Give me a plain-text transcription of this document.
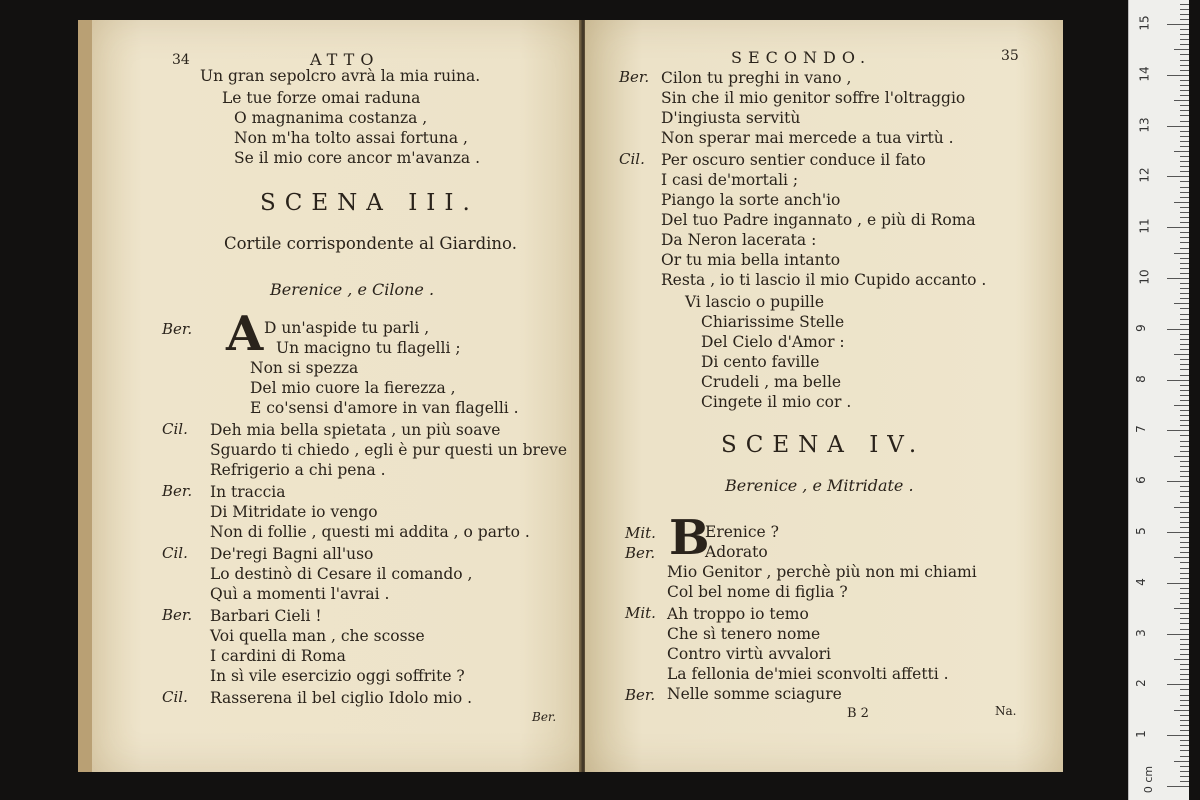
34	ATTO
Un gran sepolcro avrà la mia ruina.
Le tue forze omai raduna
O magnanima costanza ,
Non m'ha tolto assai fortuna ,
Se il mio core ancor m'avanza .
SCENA III.
Cortile corrispondente al Giardino.
Berenice , e Cilone .
Ber. A D un'aspide tu parli ,
Un macigno tu flagelli ;
Non si spezza
Del mio cuore la fierezza ,
E co'sensi d'amore in van flagelli .
Cil. Deh mia bella spietata , un più soave
Sguardo ti chiedo , egli è pur questi un breve
Refrigerio a chi pena .
Ber. In traccia
Di Mitridate io vengo
Non di follie , questi mi addita , o parto .
Cil. De'regi Bagni all'uso
Lo destinò di Cesare il comando ,
Quì a momenti l'avrai .
Ber. Barbari Cieli !
Voi quella man , che scosse
I cardini di Roma
In sì vile esercizio oggi soffrite ?
Cil. Rasserena il bel ciglio Idolo mio .
Ber.
SECONDO.	35
Ber. Cilon tu preghi in vano ,
Sin che il mio genitor soffre l'oltraggio
D'ingiusta servitù
Non sperar mai mercede a tua virtù .
Cil. Per oscuro sentier conduce il fato
I casi de'mortali ;
Piango la sorte anch'io
Del tuo Padre ingannato , e più di Roma
Da Neron lacerata :
Or tu mia bella intanto
Resta , io ti lascio il mio Cupido accanto .
Vi lascio o pupille
Chiarissime Stelle
Del Cielo d'Amor :
Di cento faville
Crudeli , ma belle
Cingete il mio cor .
SCENA IV.
Berenice , e Mitridate .
Mit. B
Erenice ?
Ber.	Adorato
Mio Genitor , perchè più non mi chiami
Col bel nome di figlia ?
Mit. Ah troppo io temo
Che sì tenero nome
Contro virtù avvalori
La fellonia de'miei sconvolti affetti .
Ber. Nelle somme sciagure
B 2	Na.
0 cm
1
2
3
4
5
6
7
8
9
10
11
12
13
14
15
